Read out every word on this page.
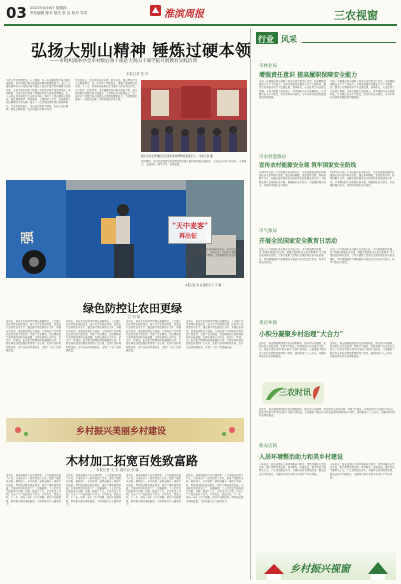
03 2023年4月6日 星期四
责任编辑 陈东 版式 张 洁 校对 雪青	淮滨周报	三农视窗
弘扬大别山精神 锤炼过硬本领
——市组织部举办全市村级后备干部赴大别山干部学院开展教育实践培训
本报记者 张 玲
为深入学习贯彻党的二十大精神，进一步加强村级后备干部队伍建设，提升村级后备干部的政治素质和履职能力，近日，市组织部举办全市村级后备干部赴大别山干部学院开展教育实践培训。来自全县各乡镇（街道）的村级后备干部参加培训。培训期间，学员们先后参观了鄂豫皖苏区首府革命博物馆、红二十五军长征出发地等红色教育基地，聆听了大别山精神专题讲座，通过现场教学、情景体验、专题研讨等方式，深刻感悟大别山精神的丰富内涵，接受了一次深刻的党性教育和精神洗礼。学员们纷纷表示，将以此次培训为契机，弘扬大别山精神，锤炼过硬本领，在乡村振兴中担当作为。
学员们表示，此次培训内容丰富、形式多样，既有理论学习又有现场教学，进一步坚定了理想信念，增强了服务群众的本领。下一步，将把培训成果转化为推动工作的实际行动，立足岗位、扎根基层，为全面推进乡村振兴贡献力量。此次培训紧扣村级后备干部需求，注重理论与实践相结合，进一步提升了村级后备干部的综合素质和履职能力，为村级组织储备了一批政治过硬、本领高强的后备力量。
图为学员在鄂豫皖苏区首府革命博物馆参观学习。 本报记者 摄
培训期间，学员们还围绕如何发挥村级后备干部作用开展交流研讨，大家结合自身工作实际，分享体会、交流经验，相互学习、共同提高。
强
“天中麦客”
再出征
5月初，连日来县城区的麦客陆续出发，奔赴各地抢收小麦。图为麦客们在装车，准备出发。机收队伍规模不断扩大，跨区作业能力持续增强，为夏粮颗粒归仓提供了有力保障。
本报记者 张 冰 通讯员 王 宇 摄
绿色防控让农田更绿
□ 刘 敏
近年来，县农业农村局坚持绿色发展理念，大力推广病虫害绿色防控技术，减少化学农药使用量，提高农产品质量安全水平。通过建立绿色防控示范区、开展技术培训、发放防控物资等措施，有效控制了农作物病虫害的发生和危害，实现了农业增效、农民增收和生态环境改善的多赢局面。在绿色防控示范区内，杀虫灯、性诱剂、粘虫板等物理防控设施随处可见，生物农药和高效低毒农药得到广泛应用，农田生态环境明显改善，农产品品质显著提升，受到广大农户的普遍欢迎。
近年来，县农业农村局坚持绿色发展理念，大力推广病虫害绿色防控技术，减少化学农药使用量，提高农产品质量安全水平。通过建立绿色防控示范区、开展技术培训、发放防控物资等措施，有效控制了农作物病虫害的发生和危害，实现了农业增效、农民增收和生态环境改善的多赢局面。在绿色防控示范区内，杀虫灯、性诱剂、粘虫板等物理防控设施随处可见，生物农药和高效低毒农药得到广泛应用，农田生态环境明显改善，农产品品质显著提升，受到广大农户的普遍欢迎。
近年来，县农业农村局坚持绿色发展理念，大力推广病虫害绿色防控技术，减少化学农药使用量，提高农产品质量安全水平。通过建立绿色防控示范区、开展技术培训、发放防控物资等措施，有效控制了农作物病虫害的发生和危害，实现了农业增效、农民增收和生态环境改善的多赢局面。在绿色防控示范区内，杀虫灯、性诱剂、粘虫板等物理防控设施随处可见，生物农药和高效低毒农药得到广泛应用，农田生态环境明显改善，农产品品质显著提升，受到广大农户的普遍欢迎。
近年来，县农业农村局坚持绿色发展理念，大力推广病虫害绿色防控技术，减少化学农药使用量，提高农产品质量安全水平。通过建立绿色防控示范区、开展技术培训、发放防控物资等措施，有效控制了农作物病虫害的发生和危害，实现了农业增效、农民增收和生态环境改善的多赢局面。在绿色防控示范区内，杀虫灯、性诱剂、粘虫板等物理防控设施随处可见，生物农药和高效低毒农药得到广泛应用，农田生态环境明显改善，农产品品质显著提升，受到广大农户的普遍欢迎。
乡村振兴美丽乡村建设
木材加工拓宽百姓致富路
本报记者 王 芳 通讯员 李 娜
近年来，县委县政府立足资源优势，大力发展木材加工产业，引进培育了一批木材加工企业，形成了集原木采购、板材加工、家具制造、销售运输于一体的产业链条，带动周边群众就近就业，拓宽了增收致富渠道。走进园区的木材加工厂，机器轰鸣，工人们正在忙碌地进行切割、打磨、组装等工序。企业负责人介绍，目前工厂产品远销多个省市，订单充足，效益良好。下一步，将进一步扩大生产规模，提升产品附加值，带动更多群众增收致富，为乡村振兴注入强劲动力。
近年来，县委县政府立足资源优势，大力发展木材加工产业，引进培育了一批木材加工企业，形成了集原木采购、板材加工、家具制造、销售运输于一体的产业链条，带动周边群众就近就业，拓宽了增收致富渠道。走进园区的木材加工厂，机器轰鸣，工人们正在忙碌地进行切割、打磨、组装等工序。企业负责人介绍，目前工厂产品远销多个省市，订单充足，效益良好。下一步，将进一步扩大生产规模，提升产品附加值，带动更多群众增收致富，为乡村振兴注入强劲动力。
近年来，县委县政府立足资源优势，大力发展木材加工产业，引进培育了一批木材加工企业，形成了集原木采购、板材加工、家具制造、销售运输于一体的产业链条，带动周边群众就近就业，拓宽了增收致富渠道。走进园区的木材加工厂，机器轰鸣，工人们正在忙碌地进行切割、打磨、组装等工序。企业负责人介绍，目前工厂产品远销多个省市，订单充足，效益良好。下一步，将进一步扩大生产规模，提升产品附加值，带动更多群众增收致富，为乡村振兴注入强劲动力。
近年来，县委县政府立足资源优势，大力发展木材加工产业，引进培育了一批木材加工企业，形成了集原木采购、板材加工、家具制造、销售运输于一体的产业链条，带动周边群众就近就业，拓宽了增收致富渠道。走进园区的木材加工厂，机器轰鸣，工人们正在忙碌地进行切割、打磨、组装等工序。企业负责人介绍，目前工厂产品远销多个省市，订单充足，效益良好。下一步，将进一步扩大生产规模，提升产品附加值，带动更多群众增收致富，为乡村振兴注入强劲动力。
行业 风采
市林业局
增强责任意识 提高履职保障安全能力
为进一步增强全体干部职工的安全意识和责任意识，提高履职保障安全生产工作能力，市林业局组织开展安全生产专题培训，邀请专家围绕安全生产法律法规、森林防火、应急处置等内容进行讲解。全体干部职工纷纷表示，将牢固树立安全发展理念，认真履行安全生产职责，切实筑牢安全防线，为全市林业高质量发展提供坚强保障。
为进一步增强全体干部职工的安全意识和责任意识，提高履职保障安全生产工作能力，市林业局组织开展安全生产专题培训，邀请专家围绕安全生产法律法规、森林防火、应急处置等内容进行讲解。全体干部职工纷纷表示，将牢固树立安全发展理念，认真履行安全生产职责，切实筑牢安全防线，为全市林业高质量发展提供坚强保障。
市农村能源站
宣传农村能源安全观 筑牢国家安全防线
4月15日是第八个全民国家安全教育日，市农村能源站组织开展国家安全宣传教育活动，通过悬挂横幅、发放宣传资料、现场讲解等方式，向群众宣传国家安全知识和农村能源安全常识，引导群众树立总体国家安全观，增强国家安全意识，自觉维护国家安全，共同筑牢国家安全防线。
4月15日是第八个全民国家安全教育日，市农村能源站组织开展国家安全宣传教育活动，通过悬挂横幅、发放宣传资料、现场讲解等方式，向群众宣传国家安全知识和农村能源安全常识，引导群众树立总体国家安全观，增强国家安全意识，自觉维护国家安全，共同筑牢国家安全防线。
市气象局
开展全民国家安全教育日活动
在第八个全民国家安全教育日来临之际，市气象局组织开展以“贯彻总体国家安全观，增强全民国家安全意识和素养”为主题的宣传教育活动，引导干部职工深刻认识维护国家安全的重要性，切实增强维护气象数据安全和信息安全的责任意识，筑牢气象安全防线。
在第八个全民国家安全教育日来临之际，市气象局组织开展以“贯彻总体国家安全观，增强全民国家安全意识和素养”为主题的宣传教育活动，引导干部职工深刻认识维护国家安全的重要性，切实增强维护气象数据安全和信息安全的责任意识，筑牢气象安全防线。
黄店乡镇
小积分凝聚乡村治理“大合力”
近年来，黄店镇积极探索乡村治理新模式，推行积分制管理，将村民参与乡村治理、环境卫生整治、移风易俗等内容量化为积分，村民可凭积分到“积分超市”兑换生活用品，有效激发了群众参与乡村治理的积极性和主动性，推动形成了人人参与、共建共享的乡村治理新格局。
近年来，黄店镇积极探索乡村治理新模式，推行积分制管理，将村民参与乡村治理、环境卫生整治、移风易俗等内容量化为积分，村民可凭积分到“积分超市”兑换生活用品，有效激发了群众参与乡村治理的积极性和主动性，推动形成了人人参与、共建共享的乡村治理新格局。
三农时讯
近年来，黄店镇积极探索乡村治理新模式，推行积分制管理，将村民参与乡村治理、环境卫生整治、移风易俗等内容量化为积分，村民可凭积分到“积分超市”兑换生活用品，有效激发了群众参与乡村治理的积极性和主动性，推动形成了人人参与、共建共享的乡村治理新格局。
新安店镇
人居环境整治助力和美乡村建设
今年以来，新安店镇以人居环境整治为抓手，持续开展村庄清洁行动，集中清理垃圾杂物、残垣断壁、乱堆乱放，组织党员干部带头示范，广泛发动群众参与，全镇村容村貌明显改善，群众满意度不断提升，为建设宜居宜业和美乡村打下坚实基础。
今年以来，新安店镇以人居环境整治为抓手，持续开展村庄清洁行动，集中清理垃圾杂物、残垣断壁、乱堆乱放，组织党员干部带头示范，广泛发动群众参与，全镇村容村貌明显改善，群众满意度不断提升，为建设宜居宜业和美乡村打下坚实基础。
乡村振兴视窗
